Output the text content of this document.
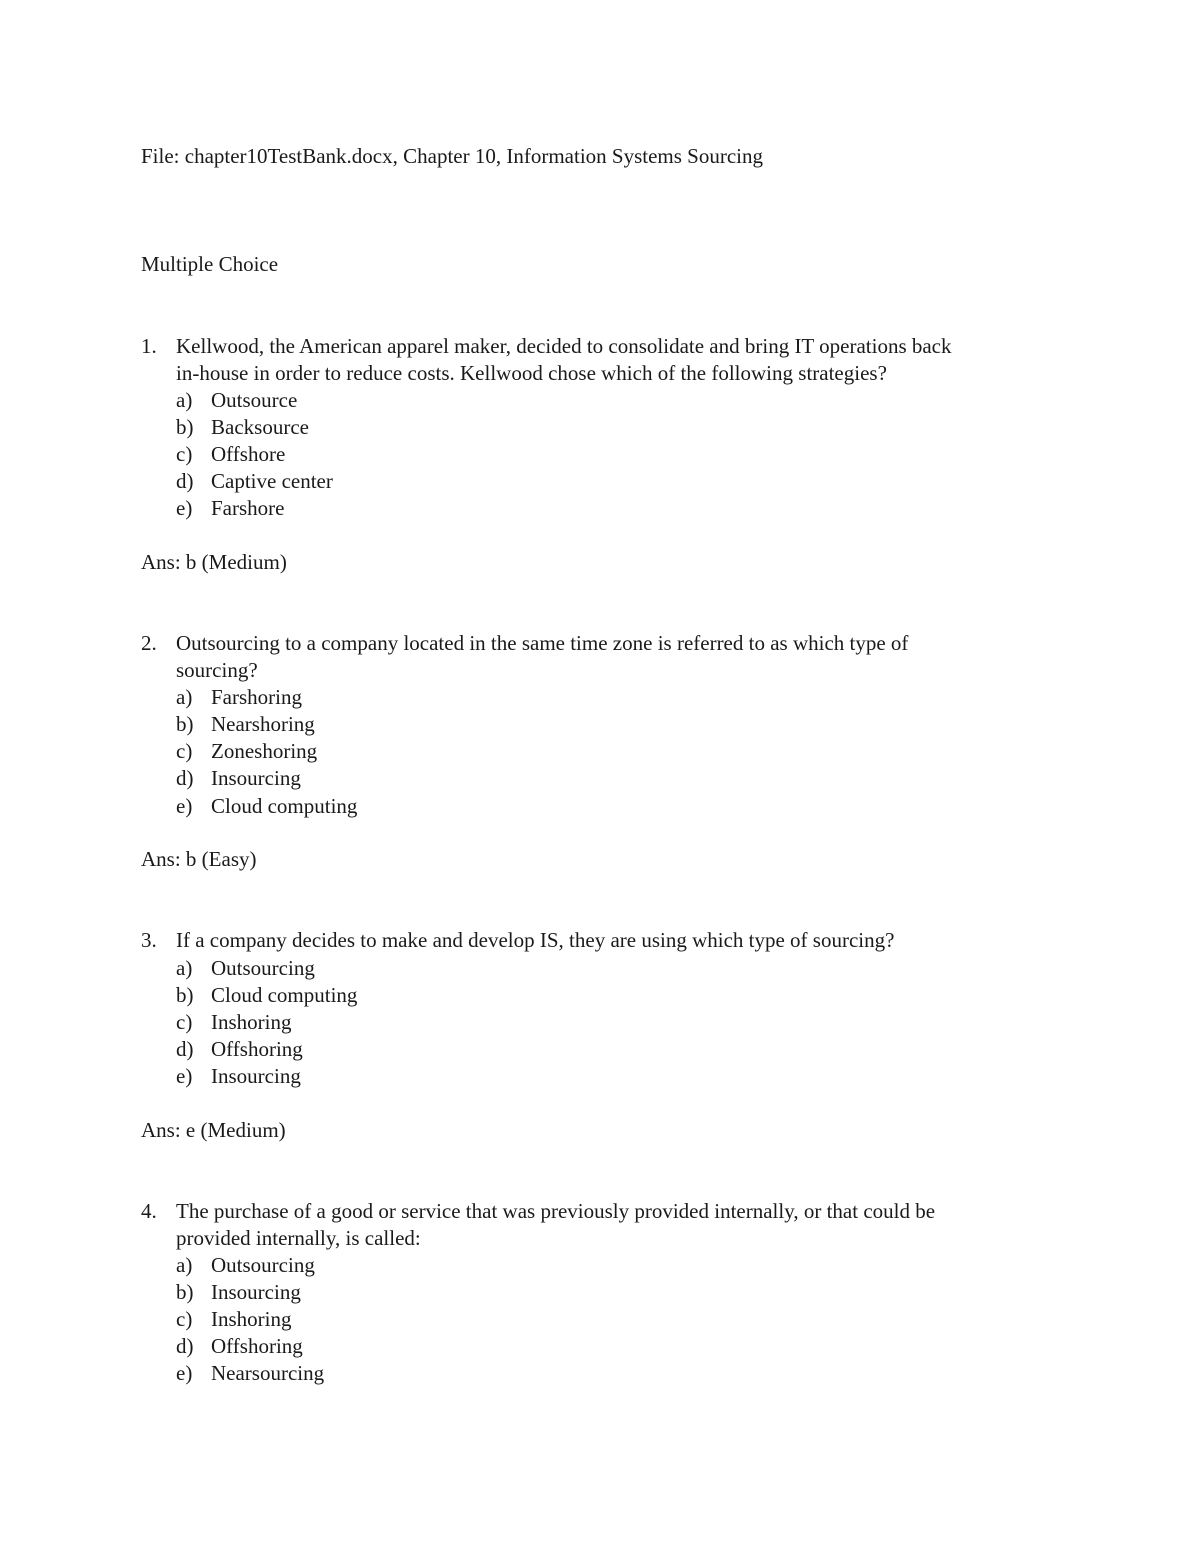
File: chapter10TestBank.docx, Chapter 10, Information Systems Sourcing
Multiple Choice
1. Kellwood, the American apparel maker, decided to consolidate and bring IT operations back
in-house in order to reduce costs. Kellwood chose which of the following strategies?
a) Outsource
b) Backsource
c) Offshore
d) Captive center
e) Farshore
Ans: b (Medium)
2. Outsourcing to a company located in the same time zone is referred to as which type of
sourcing?
a) Farshoring
b) Nearshoring
c) Zoneshoring
d) Insourcing
e) Cloud computing
Ans: b (Easy)
3. If a company decides to make and develop IS, they are using which type of sourcing?
a) Outsourcing
b) Cloud computing
c) Inshoring
d) Offshoring
e) Insourcing
Ans: e (Medium)
4. The purchase of a good or service that was previously provided internally, or that could be
provided internally, is called:
a) Outsourcing
b) Insourcing
c) Inshoring
d) Offshoring
e) Nearsourcing
